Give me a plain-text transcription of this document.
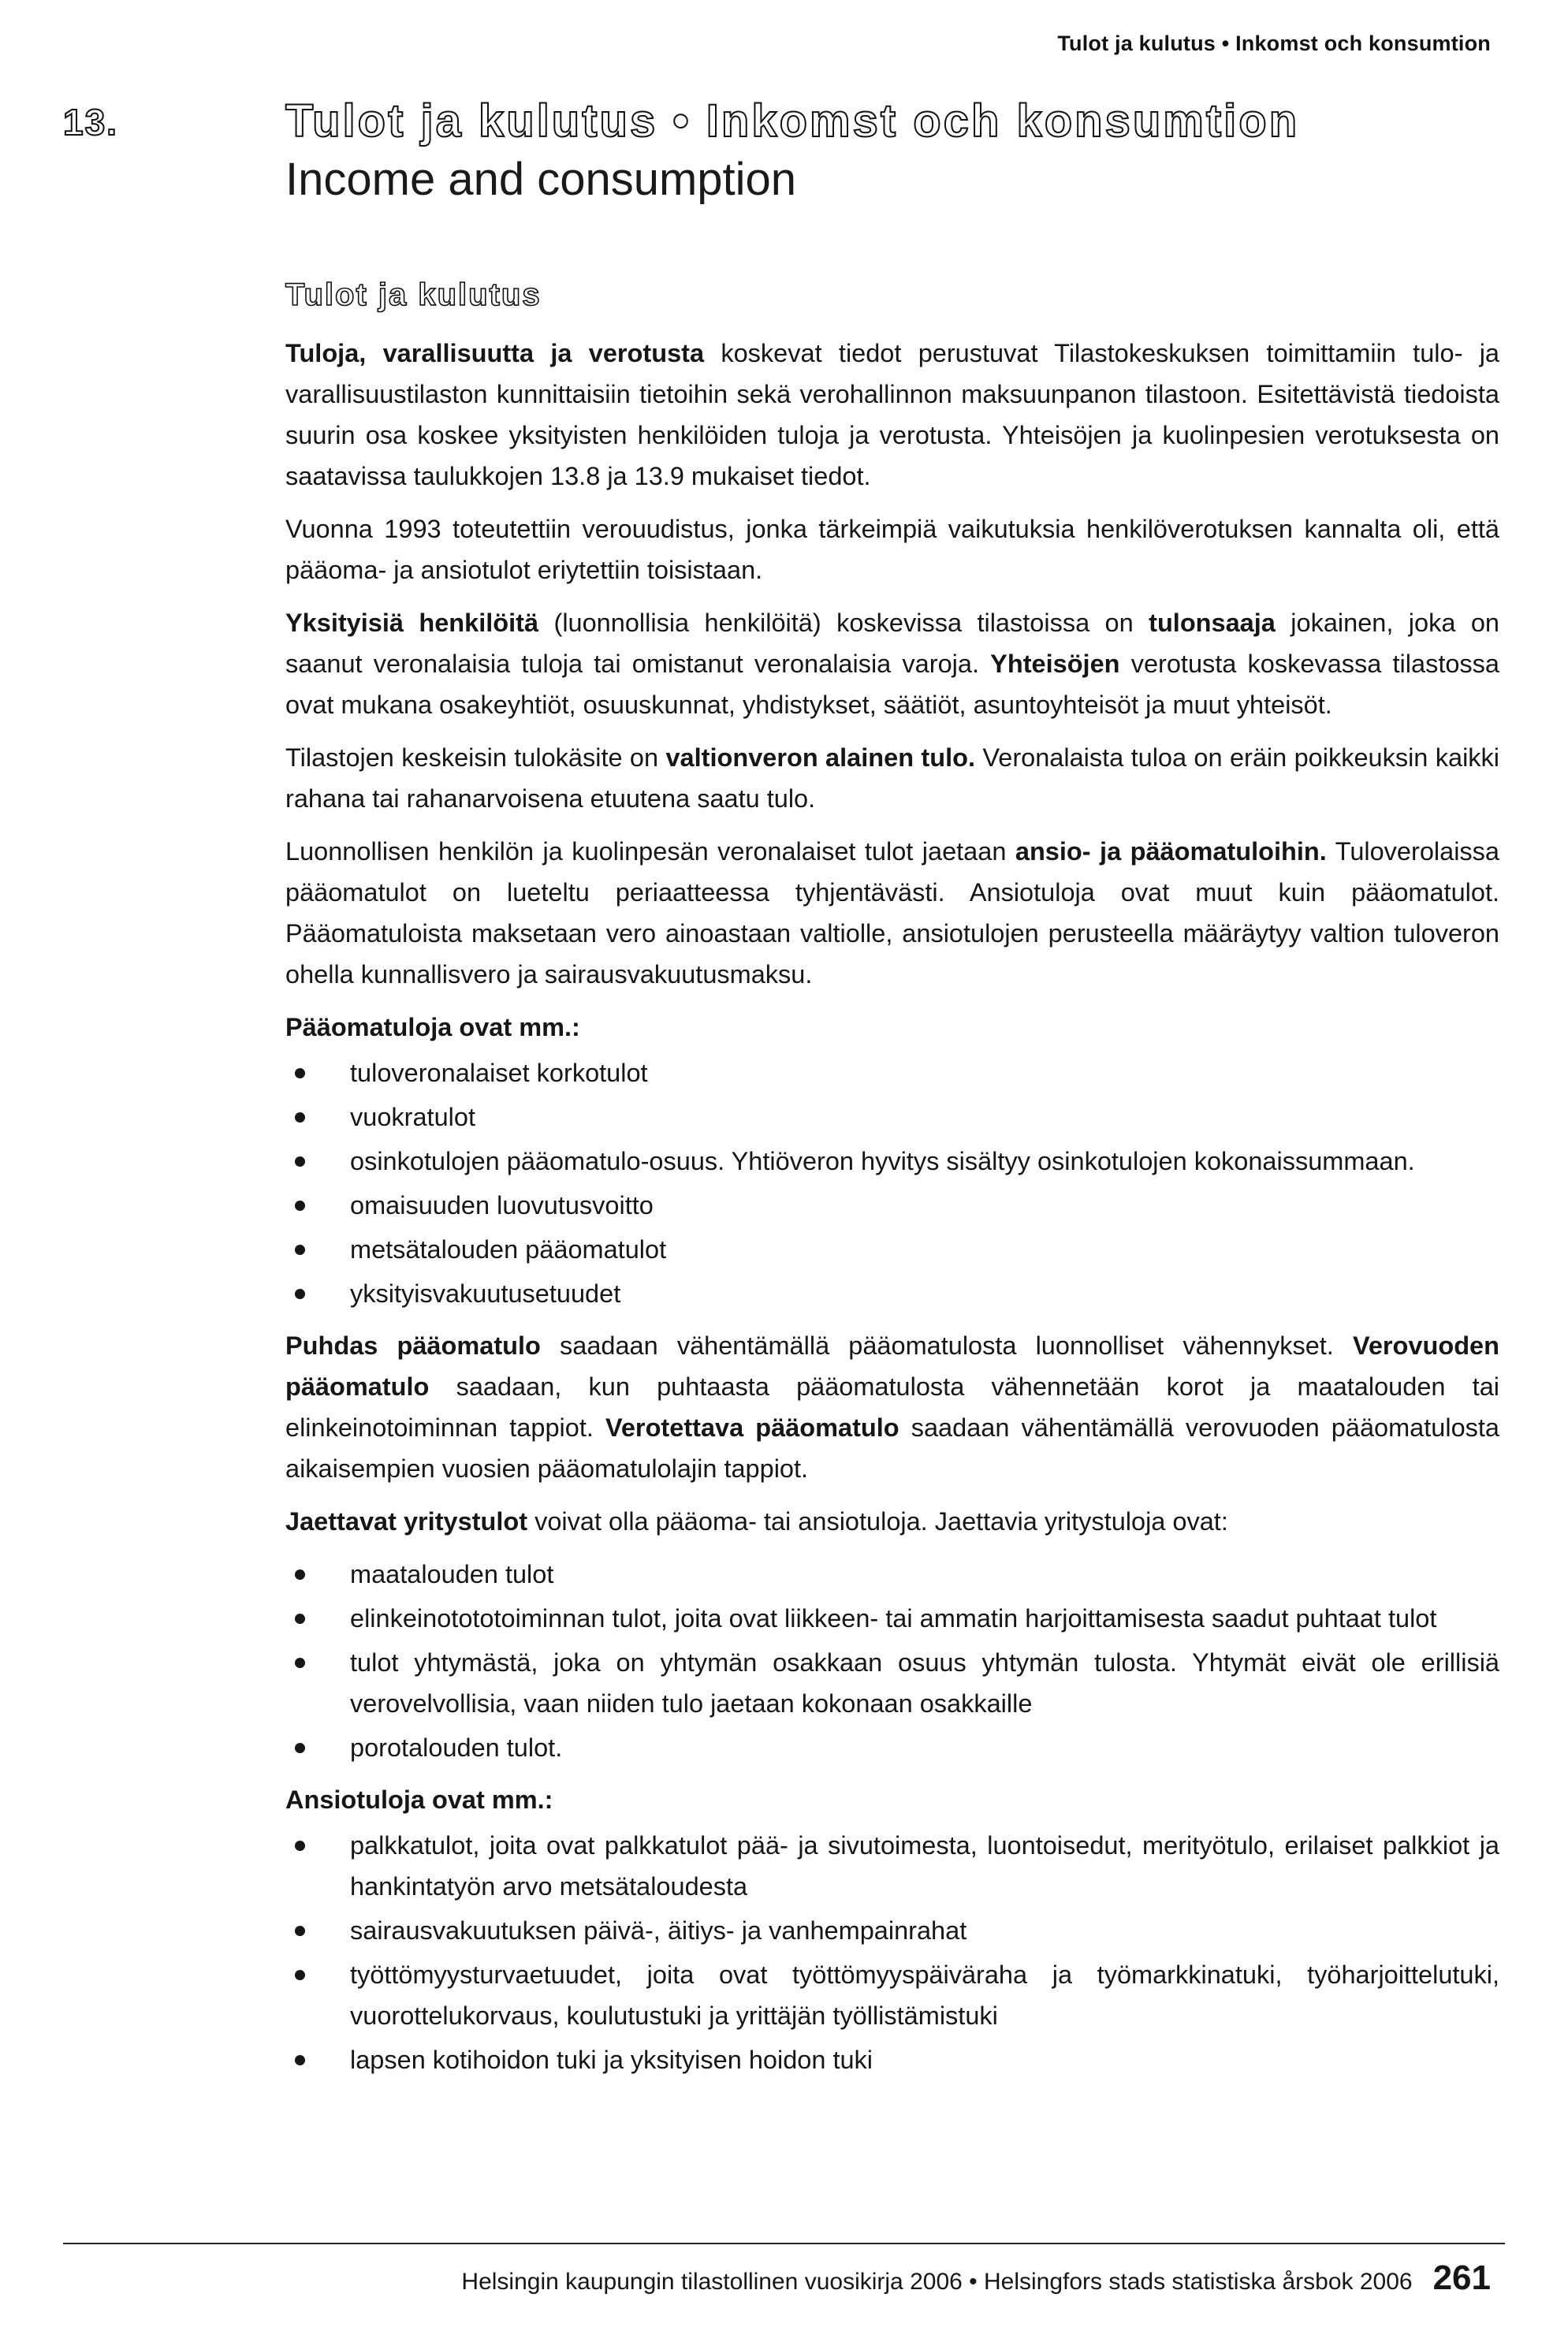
Tulot ja kulutus • Inkomst och konsumtion
13.	Tulot ja kulutus • Inkomst och konsumtion
Income and consumption
Tulot ja kulutus

Tuloja, varallisuutta ja verotusta koskevat tiedot perustuvat Tilastokeskuksen toimittamiin tulo- ja varallisuustilaston kunnittaisiin tietoihin sekä verohallinnon maksuunpanon tilastoon. Esitettävistä tiedoista suurin osa koskee yksityisten henkilöiden tuloja ja verotusta. Yhteisöjen ja kuolinpesien verotuksesta on saatavissa taulukkojen 13.8 ja 13.9 mukaiset tiedot.

Vuonna 1993 toteutettiin verouudistus, jonka tärkeimpiä vaikutuksia henkilöverotuksen kannalta oli, että pääoma- ja ansiotulot eriytettiin toisistaan.

Yksityisiä henkilöitä (luonnollisia henkilöitä) koskevissa tilastoissa on tulonsaaja jokainen, joka on saanut veronalaisia tuloja tai omistanut veronalaisia varoja. Yhteisöjen verotusta koskevassa tilastossa ovat mukana osakeyhtiöt, osuuskunnat, yhdistykset, säätiöt, asuntoyhteisöt ja muut yhteisöt.

Tilastojen keskeisin tulokäsite on valtionveron alainen tulo. Veronalaista tuloa on eräin poikkeuksin kaikki rahana tai rahanarvoisena etuutena saatu tulo.

Luonnollisen henkilön ja kuolinpesän veronalaiset tulot jaetaan ansio- ja pääomatuloihin. Tuloverolaissa pääomatulot on lueteltu periaatteessa tyhjentävästi. Ansiotuloja ovat muut kuin pääomatulot. Pääomatuloista maksetaan vero ainoastaan valtiolle, ansiotulojen perusteella määräytyy valtion tuloveron ohella kunnallisvero ja sairausvakuutusmaksu.

Pääomatuloja ovat mm.:
tuloveronalaiset korkotulot
vuokratulot
osinkotulojen pääomatulo-osuus. Yhtiöveron hyvitys sisältyy osinkotulojen kokonaissummaan.
omaisuuden luovutusvoitto
metsätalouden pääomatulot
yksityisvakuutusetuudet

Puhdas pääomatulo saadaan vähentämällä pääomatulosta luonnolliset vähennykset. Verovuoden pääomatulo saadaan, kun puhtaasta pääomatulosta vähennetään korot ja maatalouden tai elinkeinotoiminnan tappiot. Verotettava pääomatulo saadaan vähentämällä verovuoden pääomatulosta aikaisempien vuosien pääomatulolajin tappiot.

Jaettavat yritystulot voivat olla pääoma- tai ansiotuloja. Jaettavia yritystuloja ovat:

maatalouden tulot
elinkeinotototoiminnan tulot, joita ovat liikkeen- tai ammatin harjoittamisesta saadut puhtaat tulot
tulot yhtymästä, joka on yhtymän osakkaan osuus yhtymän tulosta. Yhtymät eivät ole erillisiä verovelvollisia, vaan niiden tulo jaetaan kokonaan osakkaille
porotalouden tulot.
Ansiotuloja ovat mm.:
palkkatulot, joita ovat palkkatulot pää- ja sivutoimesta, luontoisedut, merityötulo, erilaiset palkkiot ja hankintatyön arvo metsätaloudesta
sairausvakuutuksen päivä-, äitiys- ja vanhempainrahat
työttömyysturvaetuudet, joita ovat työttömyyspäiväraha ja työmarkkinatuki, työharjoittelutuki, vuorottelukorvaus, koulutustuki ja yrittäjän työllistämistuki
lapsen kotihoidon tuki ja yksityisen hoidon tuki
Helsingin kaupungin tilastollinen vuosikirja 2006 • Helsingfors stads statistiska årsbok 2006 261
